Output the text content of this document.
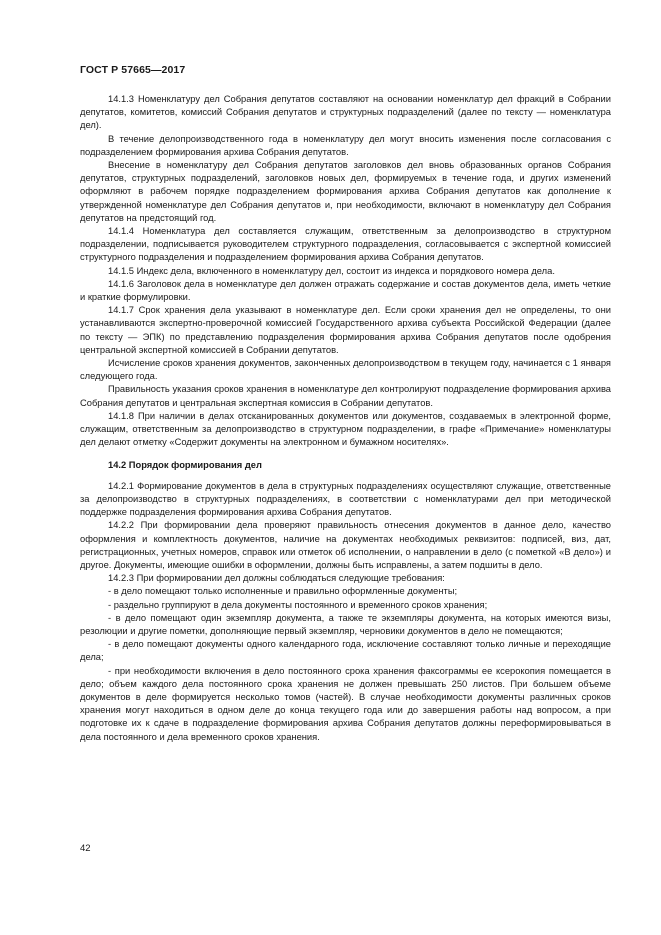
ГОСТ Р 57665—2017

14.1.3 Номенклатуру дел Собрания депутатов составляют на основании номенклатур дел фракций в Собрании депутатов, комитетов, комиссий Собрания депутатов и структурных подразделений (далее по тексту — номенклатура дел).

В течение делопроизводственного года в номенклатуру дел могут вносить изменения после согласования с подразделением формирования архива Собрания депутатов.

Внесение в номенклатуру дел Собрания депутатов заголовков дел вновь образованных органов Собрания депутатов, структурных подразделений, заголовков новых дел, формируемых в течение года, и других изменений оформляют в рабочем порядке подразделением формирования архива Собрания депутатов как дополнение к утвержденной номенклатуре дел Собрания депутатов и, при необходимости, включают в номенклатуру дел Собрания депутатов на предстоящий год.

14.1.4 Номенклатура дел составляется служащим, ответственным за делопроизводство в структурном подразделении, подписывается руководителем структурного подразделения, согласовывается с экспертной комиссией структурного подразделения и подразделением формирования архива Собрания депутатов.

14.1.5 Индекс дела, включенного в номенклатуру дел, состоит из индекса и порядкового номера дела.

14.1.6 Заголовок дела в номенклатуре дел должен отражать содержание и состав документов дела, иметь четкие и краткие формулировки.

14.1.7 Срок хранения дела указывают в номенклатуре дел. Если сроки хранения дел не определены, то они устанавливаются экспертно-проверочной комиссией Государственного архива субъекта Российской Федерации (далее по тексту — ЭПК) по представлению подразделения формирования архива Собрания депутатов после одобрения центральной экспертной комиссией в Собрании депутатов.

Исчисление сроков хранения документов, законченных делопроизводством в текущем году, начинается с 1 января следующего года.

Правильность указания сроков хранения в номенклатуре дел контролируют подразделение формирования архива Собрания депутатов и центральная экспертная комиссия в Собрании депутатов.

14.1.8 При наличии в делах отсканированных документов или документов, создаваемых в электронной форме, служащим, ответственным за делопроизводство в структурном подразделении, в графе «Примечание» номенклатуры дел делают отметку «Содержит документы на электронном и бумажном носителях».

14.2 Порядок формирования дел

14.2.1 Формирование документов в дела в структурных подразделениях осуществляют служащие, ответственные за делопроизводство в структурных подразделениях, в соответствии с номенклатурами дел при методической поддержке подразделения формирования архива Собрания депутатов.

14.2.2 При формировании дела проверяют правильность отнесения документов в данное дело, качество оформления и комплектность документов, наличие на документах необходимых реквизитов: подписей, виз, дат, регистрационных, учетных номеров, справок или отметок об исполнении, о направлении в дело (с пометкой «В дело») и другое. Документы, имеющие ошибки в оформлении, должны быть исправлены, а затем подшиты в дело.

14.2.3 При формировании дел должны соблюдаться следующие требования:

- в дело помещают только исполненные и правильно оформленные документы;

- раздельно группируют в дела документы постоянного и временного сроков хранения;

- в дело помещают один экземпляр документа, а также те экземпляры документа, на которых имеются визы, резолюции и другие пометки, дополняющие первый экземпляр, черновики документов в дело не помещаются;

- в дело помещают документы одного календарного года, исключение составляют только личные и переходящие дела;

- при необходимости включения в дело постоянного срока хранения факсограммы ее ксерокопия помещается в дело; объем каждого дела постоянного срока хранения не должен превышать 250 листов. При большем объеме документов в деле формируется несколько томов (частей). В случае необходимости документы различных сроков хранения могут находиться в одном деле до конца текущего года или до завершения работы над вопросом, а при подготовке их к сдаче в подразделение формирования архива Собрания депутатов должны переформировываться в дела постоянного и дела временного сроков хранения.

42
